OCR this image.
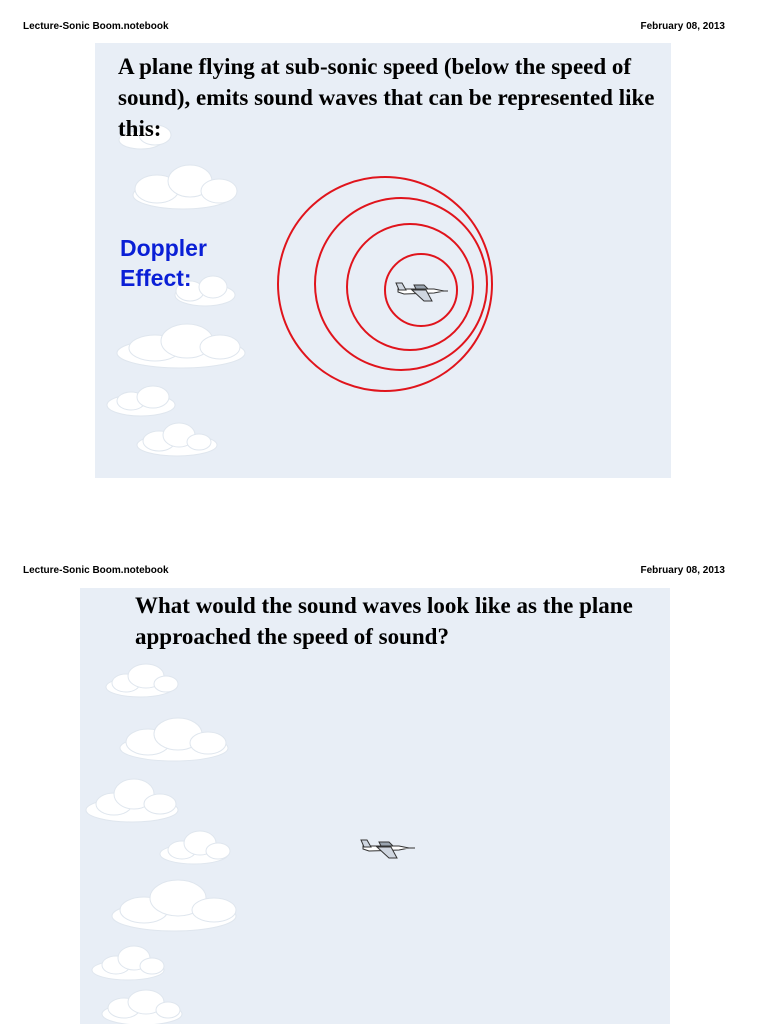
Lecture-Sonic Boom.notebook	February 08, 2013

A plane flying at sub-sonic speed (below the speed of sound), emits sound waves that can be represented like this:

Doppler
Effect:
Lecture-Sonic Boom.notebook	February 08, 2013

What would the sound waves look like as the plane approached the speed of sound?
